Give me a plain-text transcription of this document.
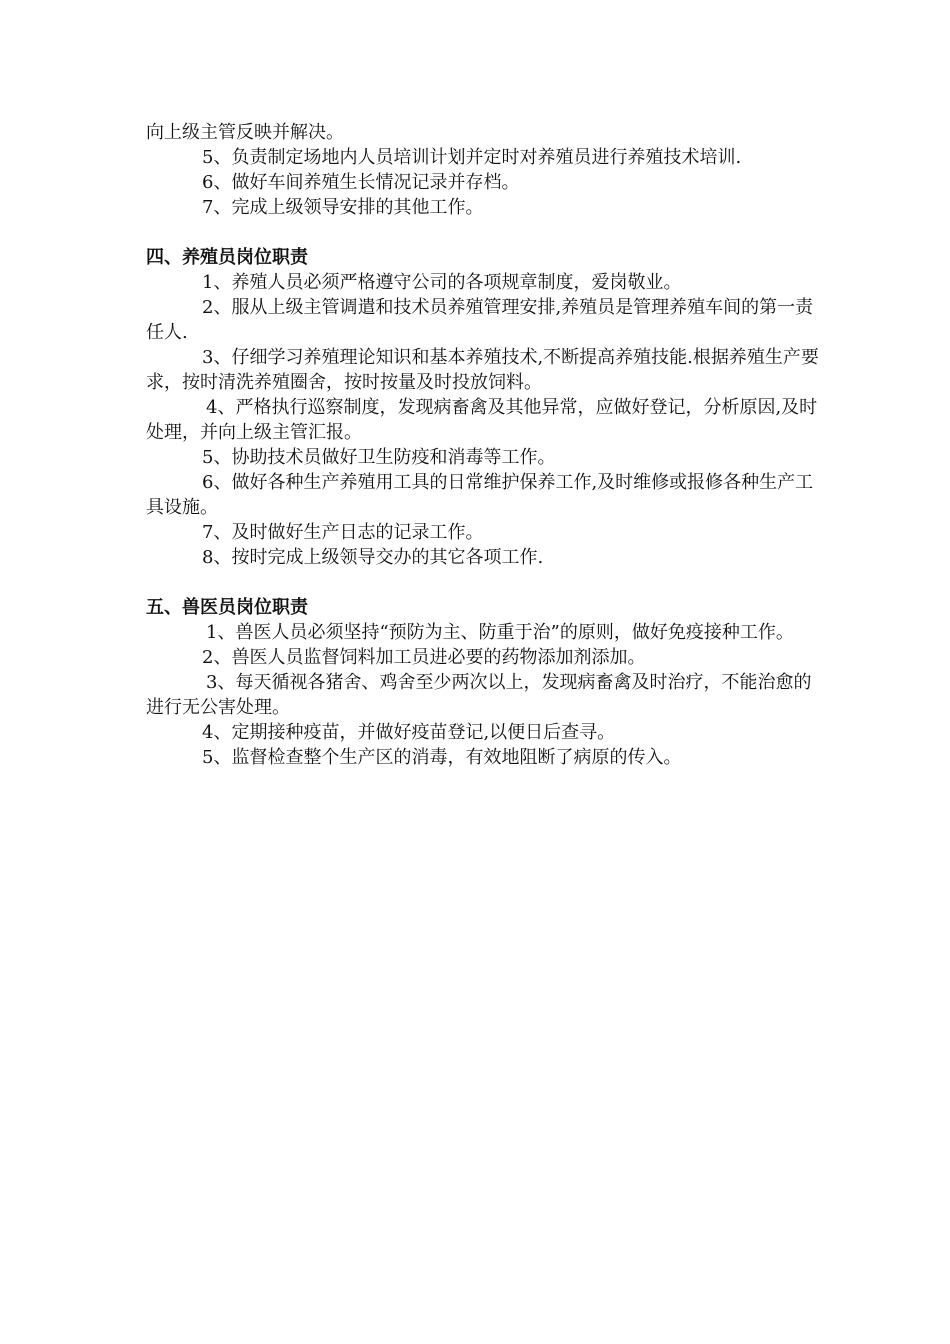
向上级主管反映并解决。

5、负责制定场地内人员培训计划并定时对养殖员进行养殖技术培训.

6、做好车间养殖生长情况记录并存档。

7、完成上级领导安排的其他工作。

四、养殖员岗位职责

1、养殖人员必须严格遵守公司的各项规章制度，爱岗敬业。

2、服从上级主管调遣和技术员养殖管理安排,养殖员是管理养殖车间的第一责任人.

3、仔细学习养殖理论知识和基本养殖技术,不断提高养殖技能.根据养殖生产要求，按时清洗养殖圈舍，按时按量及时投放饲料。

4、严格执行巡察制度，发现病畜禽及其他异常，应做好登记，分析原因,及时处理，并向上级主管汇报。

5、协助技术员做好卫生防疫和消毒等工作。

6、做好各种生产养殖用工具的日常维护保养工作,及时维修或报修各种生产工具设施。

7、及时做好生产日志的记录工作。

8、按时完成上级领导交办的其它各项工作.

五、兽医员岗位职责

1、兽医人员必须坚持“预防为主、防重于治”的原则，做好免疫接种工作。

2、兽医人员监督饲料加工员进必要的药物添加剂添加。

3、每天循视各猪舍、鸡舍至少两次以上，发现病畜禽及时治疗，不能治愈的进行无公害处理。

4、定期接种疫苗，并做好疫苗登记,以便日后查寻。

5、监督检查整个生产区的消毒，有效地阻断了病原的传入。
